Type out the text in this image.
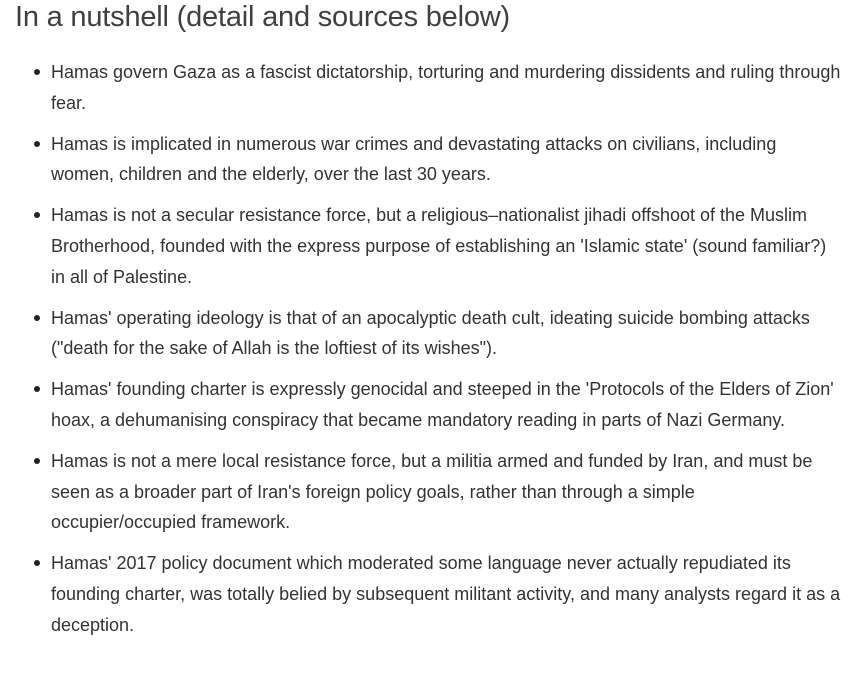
In a nutshell (detail and sources below)
Hamas govern Gaza as a fascist dictatorship, torturing and murdering dissidents and ruling through fear.
Hamas is implicated in numerous war crimes and devastating attacks on civilians, including women, children and the elderly, over the last 30 years.
Hamas is not a secular resistance force, but a religious–nationalist jihadi offshoot of the Muslim Brotherhood, founded with the express purpose of establishing an 'Islamic state' (sound familiar?) in all of Palestine.
Hamas' operating ideology is that of an apocalyptic death cult, ideating suicide bombing attacks ("death for the sake of Allah is the loftiest of its wishes").
Hamas' founding charter is expressly genocidal and steeped in the 'Protocols of the Elders of Zion' hoax, a dehumanising conspiracy that became mandatory reading in parts of Nazi Germany.
Hamas is not a mere local resistance force, but a militia armed and funded by Iran, and must be seen as a broader part of Iran's foreign policy goals, rather than through a simple occupier/occupied framework.
Hamas' 2017 policy document which moderated some language never actually repudiated its founding charter, was totally belied by subsequent militant activity, and many analysts regard it as a deception.
